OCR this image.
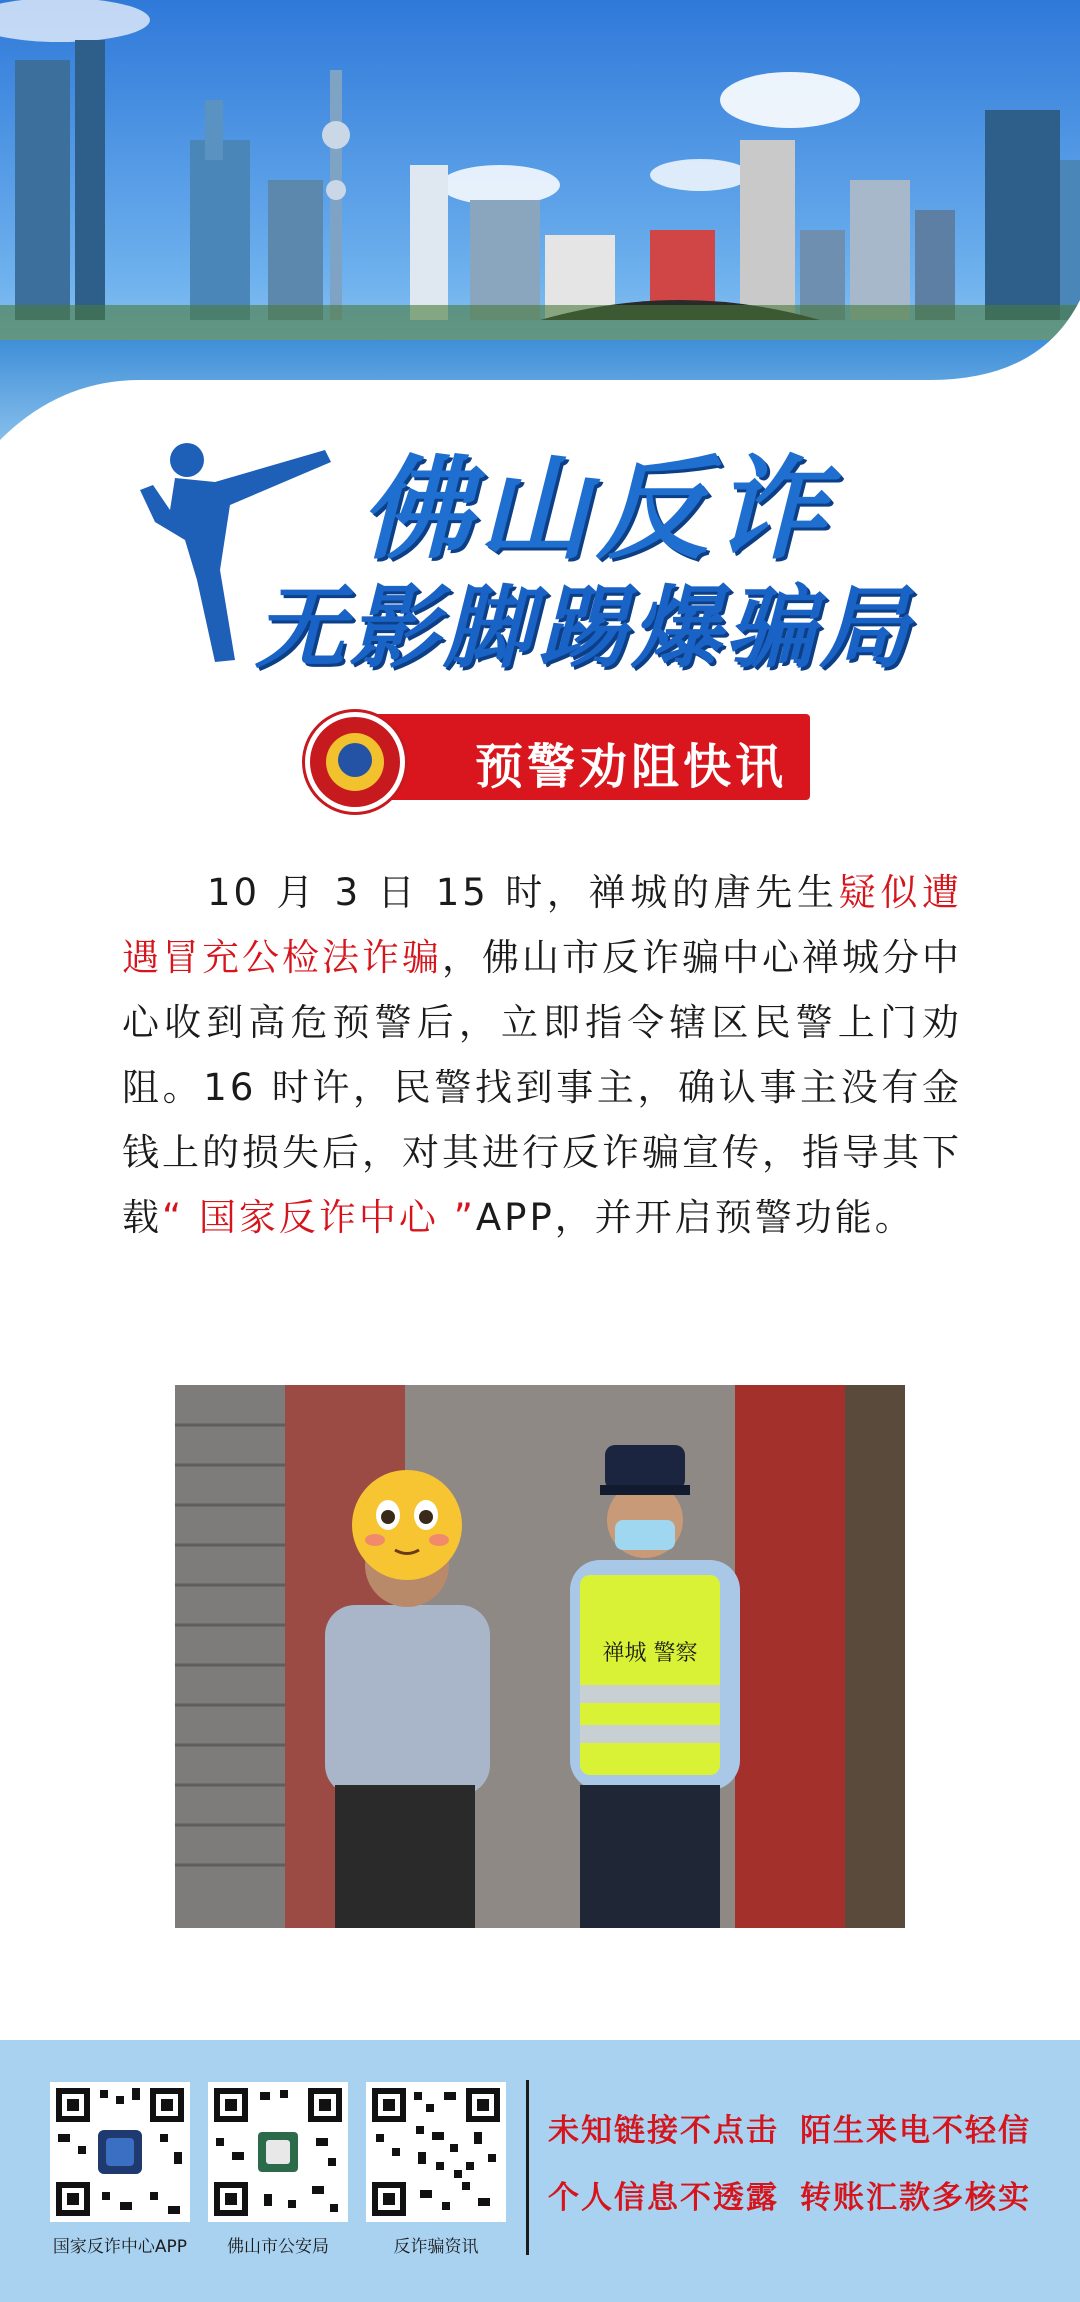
佛山反诈
无影脚踢爆骗局
预警劝阻快讯
10 月 3 日 15 时，禅城的唐先生疑似遭遇冒充公检法诈骗，佛山市反诈骗中心禅城分中心收到高危预警后，立即指令辖区民警上门劝阻。16 时许，民警找到事主，确认事主没有金钱上的损失后，对其进行反诈骗宣传，指导其下载“ 国家反诈中心 ”APP，并开启预警功能。
禅城 警察
国家反诈中心APP	佛山市公安局	反诈骗资讯
未知链接不点击 陌生来电不轻信
个人信息不透露 转账汇款多核实
